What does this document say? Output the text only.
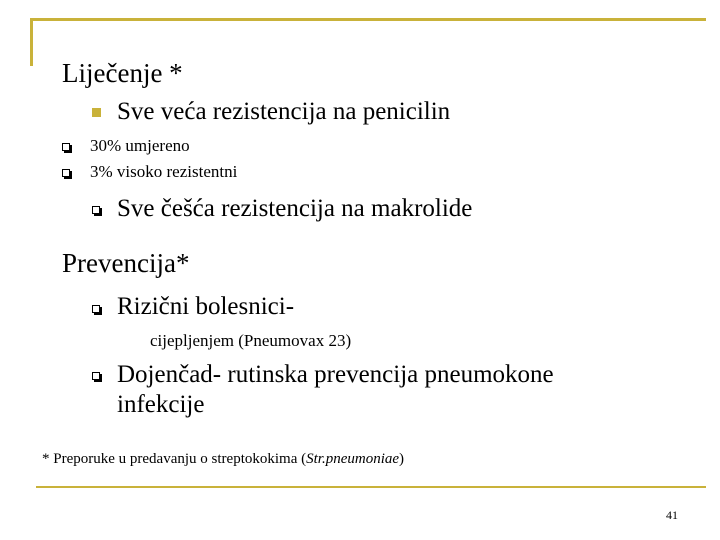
Liječenje *
Sve veća rezistencija na penicilin
30% umjereno
3% visoko rezistentni
Sve češća rezistencija na makrolide
Prevencija*
Rizični bolesnici-
cijepljenjem (Pneumovax 23)
Dojenčad- rutinska prevencija pneumokone
infekcije
* Preporuke u predavanju o streptokokima (Str.pneumoniae)
41
